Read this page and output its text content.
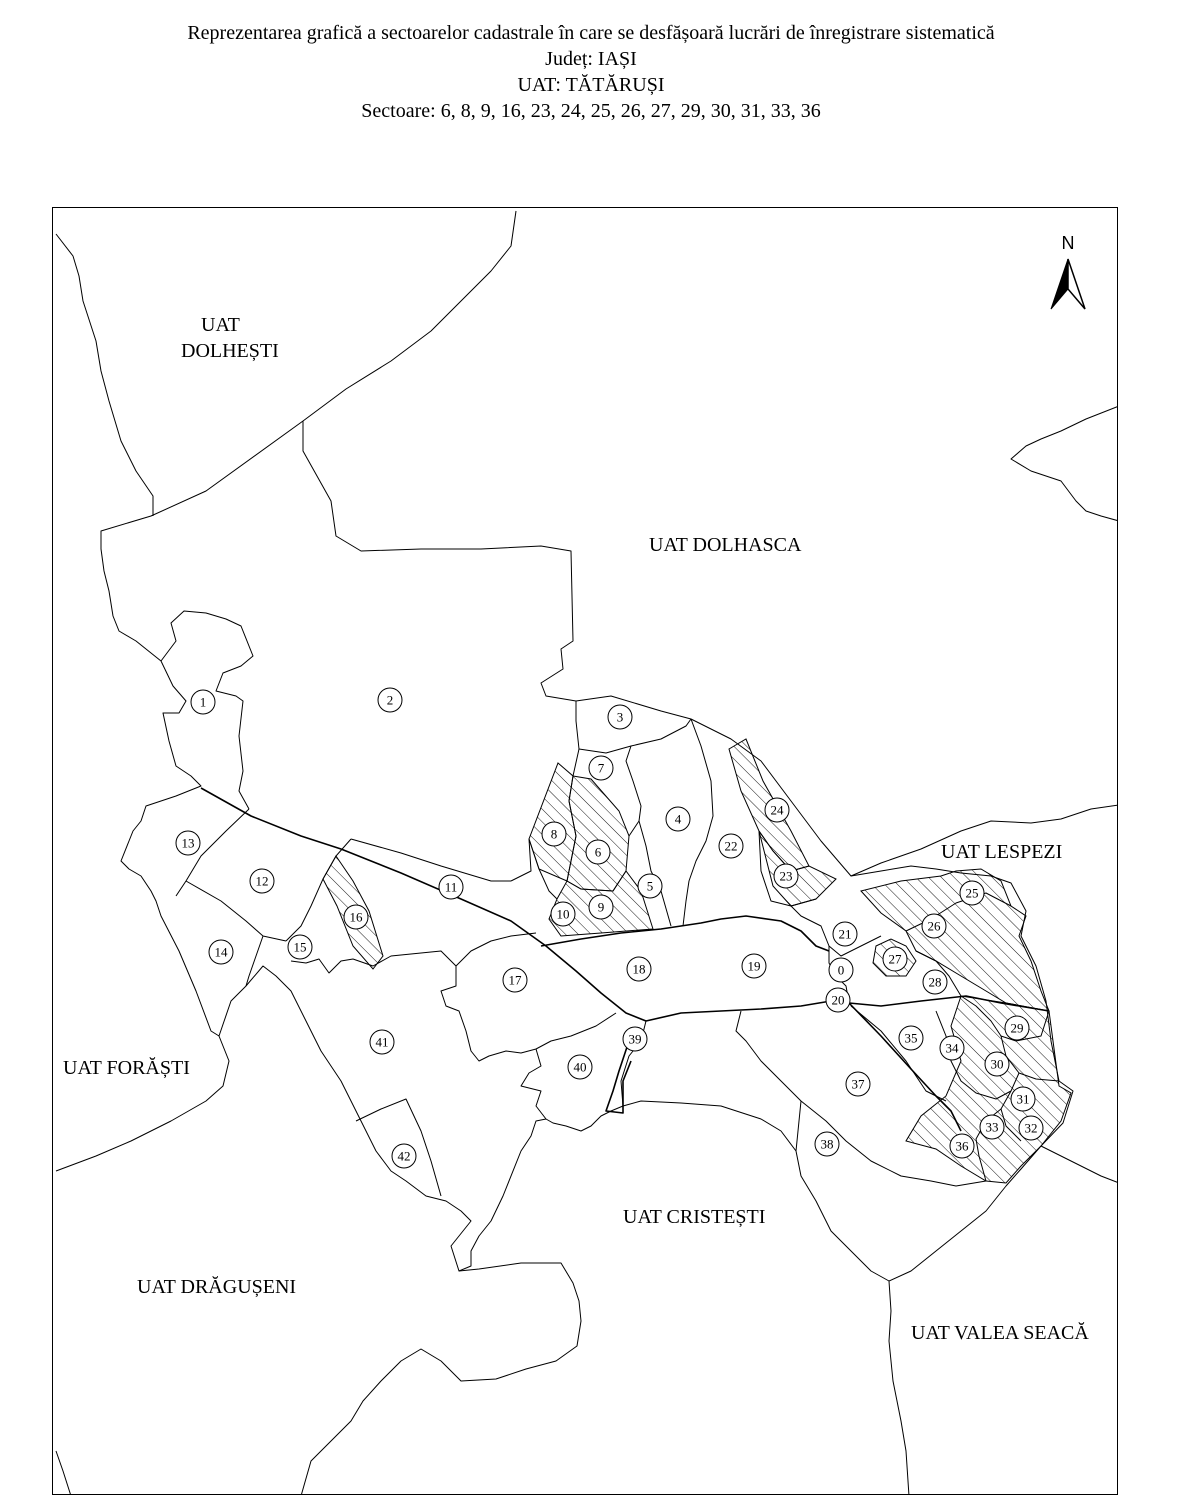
Reprezentarea grafică a sectoarelor cadastrale în care se desfășoară lucrări de înregistrare sistematică

Județ: IAȘI

UAT: TĂTĂRUȘI

Sectoare: 6, 8, 9, 16, 23, 24, 25, 26, 27, 29, 30, 31, 33, 36

UAT
DOLHEȘTI
UAT DOLHASCA
UAT LESPEZI
UAT FORĂȘTI
UAT CRISTEȘTI
UAT DRĂGUȘENI
UAT VALEA SEACĂ
N
1	2
3
4
5
6
7
8
9
10
11
12
13
14	15
16
17
18	19	0
20
21
22
23
24
25
26
27
28
29
30
31
32
33
34
35
36
37
38
39
40
41
42
